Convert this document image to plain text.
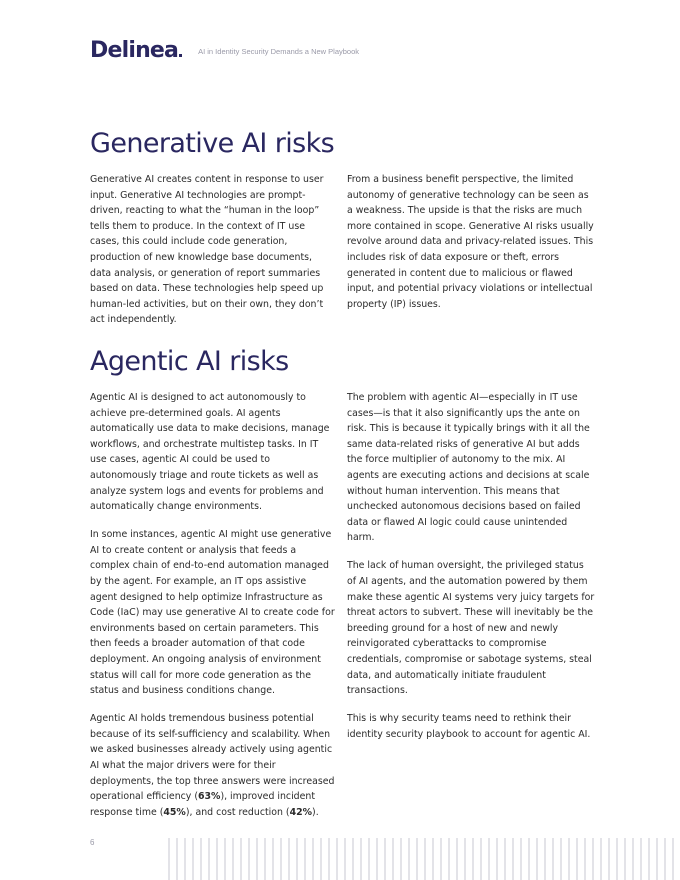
Delinea	AI in Identity Security Demands a New Playbook
Generative AI risks

Generative AI creates content in response to user input. Generative AI technologies are prompt-driven, reacting to what the “human in the loop” tells them to produce. In the context of IT use cases, this could include code generation, production of new knowledge base documents, data analysis, or generation of report summaries based on data. These technologies help speed up human-led activities, but on their own, they don’t act independently.

From a business benefit perspective, the limited autonomy of generative technology can be seen as a weakness. The upside is that the risks are much more contained in scope. Generative AI risks usually revolve around data and privacy-related issues. This includes risk of data exposure or theft, errors generated in content due to malicious or flawed input, and potential privacy violations or intellectual property (IP) issues.

Agentic AI risks

Agentic AI is designed to act autonomously to achieve pre-determined goals. AI agents automatically use data to make decisions, manage workflows, and orchestrate multistep tasks. In IT use cases, agentic AI could be used to autonomously triage and route tickets as well as analyze system logs and events for problems and automatically change environments.

In some instances, agentic AI might use generative AI to create content or analysis that feeds a complex chain of end-to-end automation managed by the agent. For example, an IT ops assistive agent designed to help optimize Infrastructure as Code (IaC) may use generative AI to create code for environments based on certain parameters. This then feeds a broader automation of that code deployment. An ongoing analysis of environment status will call for more code generation as the status and business conditions change.

Agentic AI holds tremendous business potential because of its self-sufficiency and scalability. When we asked businesses already actively using agentic AI what the major drivers were for their deployments, the top three answers were increased operational efficiency (63%), improved incident response time (45%), and cost reduction (42%).

The problem with agentic AI—especially in IT use cases—is that it also significantly ups the ante on risk. This is because it typically brings with it all the same data-related risks of generative AI but adds the force multiplier of autonomy to the mix. AI agents are executing actions and decisions at scale without human intervention. This means that unchecked autonomous decisions based on failed data or flawed AI logic could cause unintended harm.

The lack of human oversight, the privileged status of AI agents, and the automation powered by them make these agentic AI systems very juicy targets for threat actors to subvert. These will inevitably be the breeding ground for a host of new and newly reinvigorated cyberattacks to compromise credentials, compromise or sabotage systems, steal data, and automatically initiate fraudulent transactions.

This is why security teams need to rethink their identity security playbook to account for agentic AI.

6
